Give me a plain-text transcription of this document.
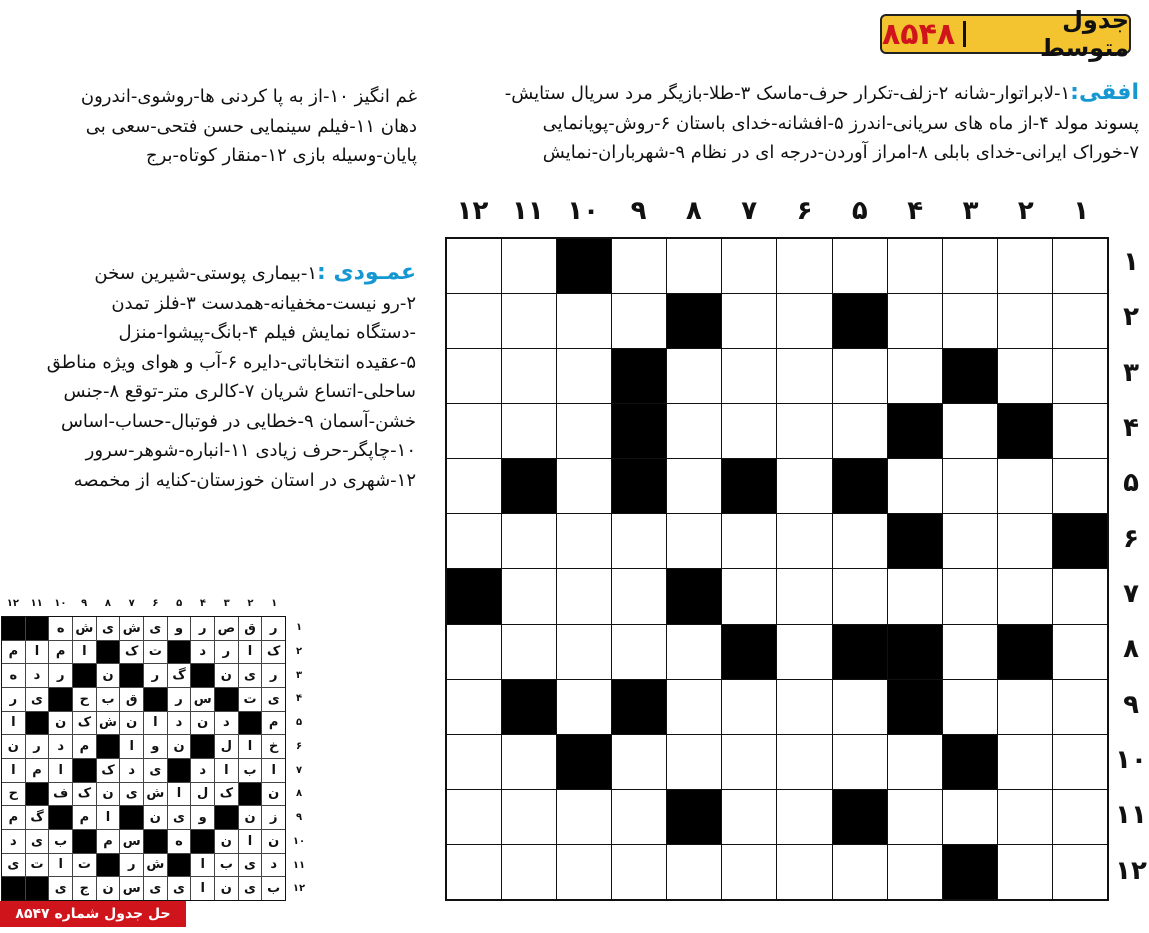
جدول متوسط
۸۵۴۸
افقی:۱-لابراتوار-شانه ۲-زلف-تکرار حرف-ماسک ۳-طلا-بازیگر مرد سریال ستایش-
پسوند مولد ۴-از ماه های سریانی-اندرز ۵-افشانه-خدای باستان ۶-روش-پویانمایی
۷-خوراک ایرانی-خدای بابلی ۸-امراز آوردن-درجه ای در نظام ۹-شهرباران-نمایش
غم انگیز ۱۰-از به پا کردنی ها-روشوی-اندرون
دهان ۱۱-فیلم سینمایی حسن فتحی-سعی بی
پایان-وسیله بازی ۱۲-منقار کوتاه-برج
عمـودی :۱-بیماری پوستی-شیرین سخن
۲-رو نیست-مخفیانه-همدست ۳-فلز تمدن
-دستگاه نمایش فیلم ۴-بانگ-پیشوا-منزل
۵-عقیده انتخاباتی-دایره ۶-آب و هوای ویژه مناطق
ساحلی-اتساع شریان ۷-کالری متر-توقع ۸-جنس
خشن-آسمان ۹-خطایی در فوتبال-حساب-اساس
۱۰-چاپگر-حرف زیادی ۱۱-انباره-شوهر-سرور
۱۲-شهری در استان خوزستان-کنایه از مخمصه
۱
۲
۳
۴
۵
۶
۷
۸
۹
۱۰
۱۱
۱۲
۱
۲
۳
۴
۵
۶
۷
۸
۹
۱۰
۱۱
۱۲
۱
۲
۳
۴
۵
۶
۷
۸
۹
۱۰
۱۱
۱۲
۱
۲
۳
۴
۵
۶
۷
۸
۹
۱۰
۱۱
۱۲
ر
ق
ص
ر
و
ی
ش
ی
ش
ه
ک
ا
ر
د
ت
ک
ا
م
ا
م
ر
ی
ن
گ
ر
ن
ر
د
ه
ی
ت
س
ر
ق
ب
ح
ی
ر
م
د
ن
د
ا
ن
ش
ک
ن
ا
خ
ا
ل
ن
و
ا
م
د
ر
ن
ا
ب
ا
د
ی
د
ک
ا
م
ا
ن
ک
ل
ا
ش
ی
ن
ک
ف
ح
ز
ن
و
ی
ن
ا
م
گ
م
ن
ا
ن
ه
س
م
ب
ی
د
د
ی
ب
ا
ش
ر
ت
ا
ت
ی
ب
ی
ن
ا
ی
ی
س
ن
ج
ی
حل جدول شماره ۸۵۴۷
